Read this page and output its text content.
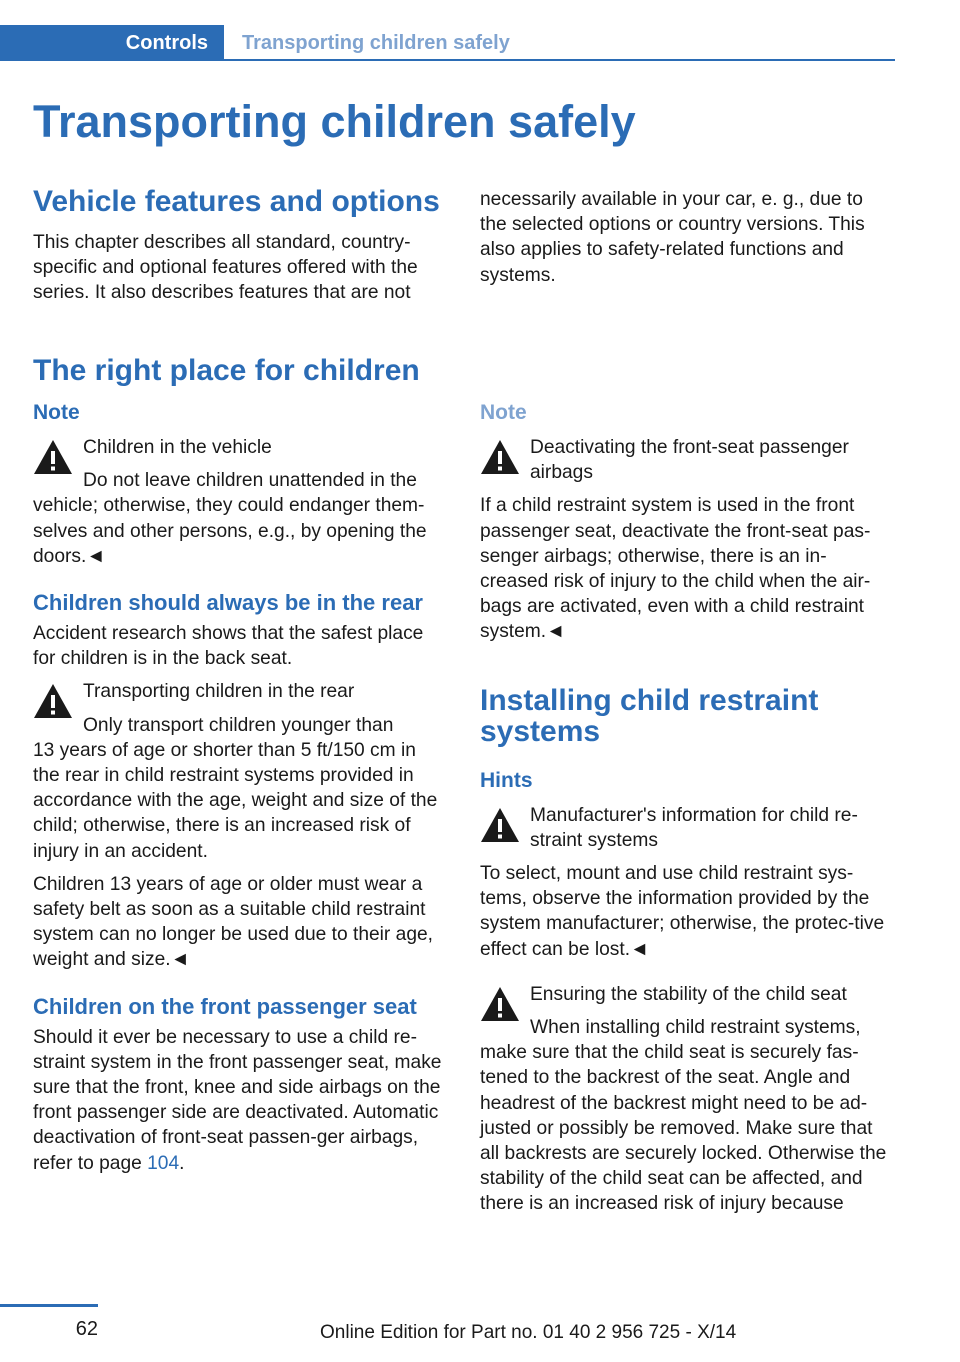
Controls	Transporting children safely
Transporting children safely
Vehicle features and options

This chapter describes all standard, country-specific and optional features offered with the series. It also describes features that are not

necessarily available in your car, e. g., due to the selected options or country versions. This also applies to safety-related functions and systems.

The right place for children
Note

Children in the vehicle

Do not leave children unattended in the

vehicle; otherwise, they could endanger them-selves and other persons, e.g., by opening the doors.◄

Children should always be in the rear

Accident research shows that the safest place for children is in the back seat.

Transporting children in the rear

Only transport children younger than

13 years of age or shorter than 5 ft/150 cm in the rear in child restraint systems provided in accordance with the age, weight and size of the child; otherwise, there is an increased risk of injury in an accident.

Children 13 years of age or older must wear a safety belt as soon as a suitable child restraint system can no longer be used due to their age, weight and size.◄

Children on the front passenger seat

Should it ever be necessary to use a child re-straint system in the front passenger seat, make sure that the front, knee and side airbags on the front passenger side are deactivated. Automatic deactivation of front-seat passen-ger airbags, refer to page 104.

Note

Deactivating the front-seat passenger airbags

If a child restraint system is used in the front passenger seat, deactivate the front-seat pas-senger airbags; otherwise, there is an in-creased risk of injury to the child when the air-bags are activated, even with a child restraint system.◄

Installing child restraint systems
Hints

Manufacturer's information for child re-straint systems

To select, mount and use child restraint sys-tems, observe the information provided by the system manufacturer; otherwise, the protec-tive effect can be lost.◄

Ensuring the stability of the child seat

When installing child restraint systems,

make sure that the child seat is securely fas-tened to the backrest of the seat. Angle and headrest of the backrest might need to be ad-justed or possibly be removed. Make sure that all backrests are securely locked. Otherwise the stability of the child seat can be affected, and there is an increased risk of injury because

62	Online Edition for Part no. 01 40 2 956 725 - X/14
